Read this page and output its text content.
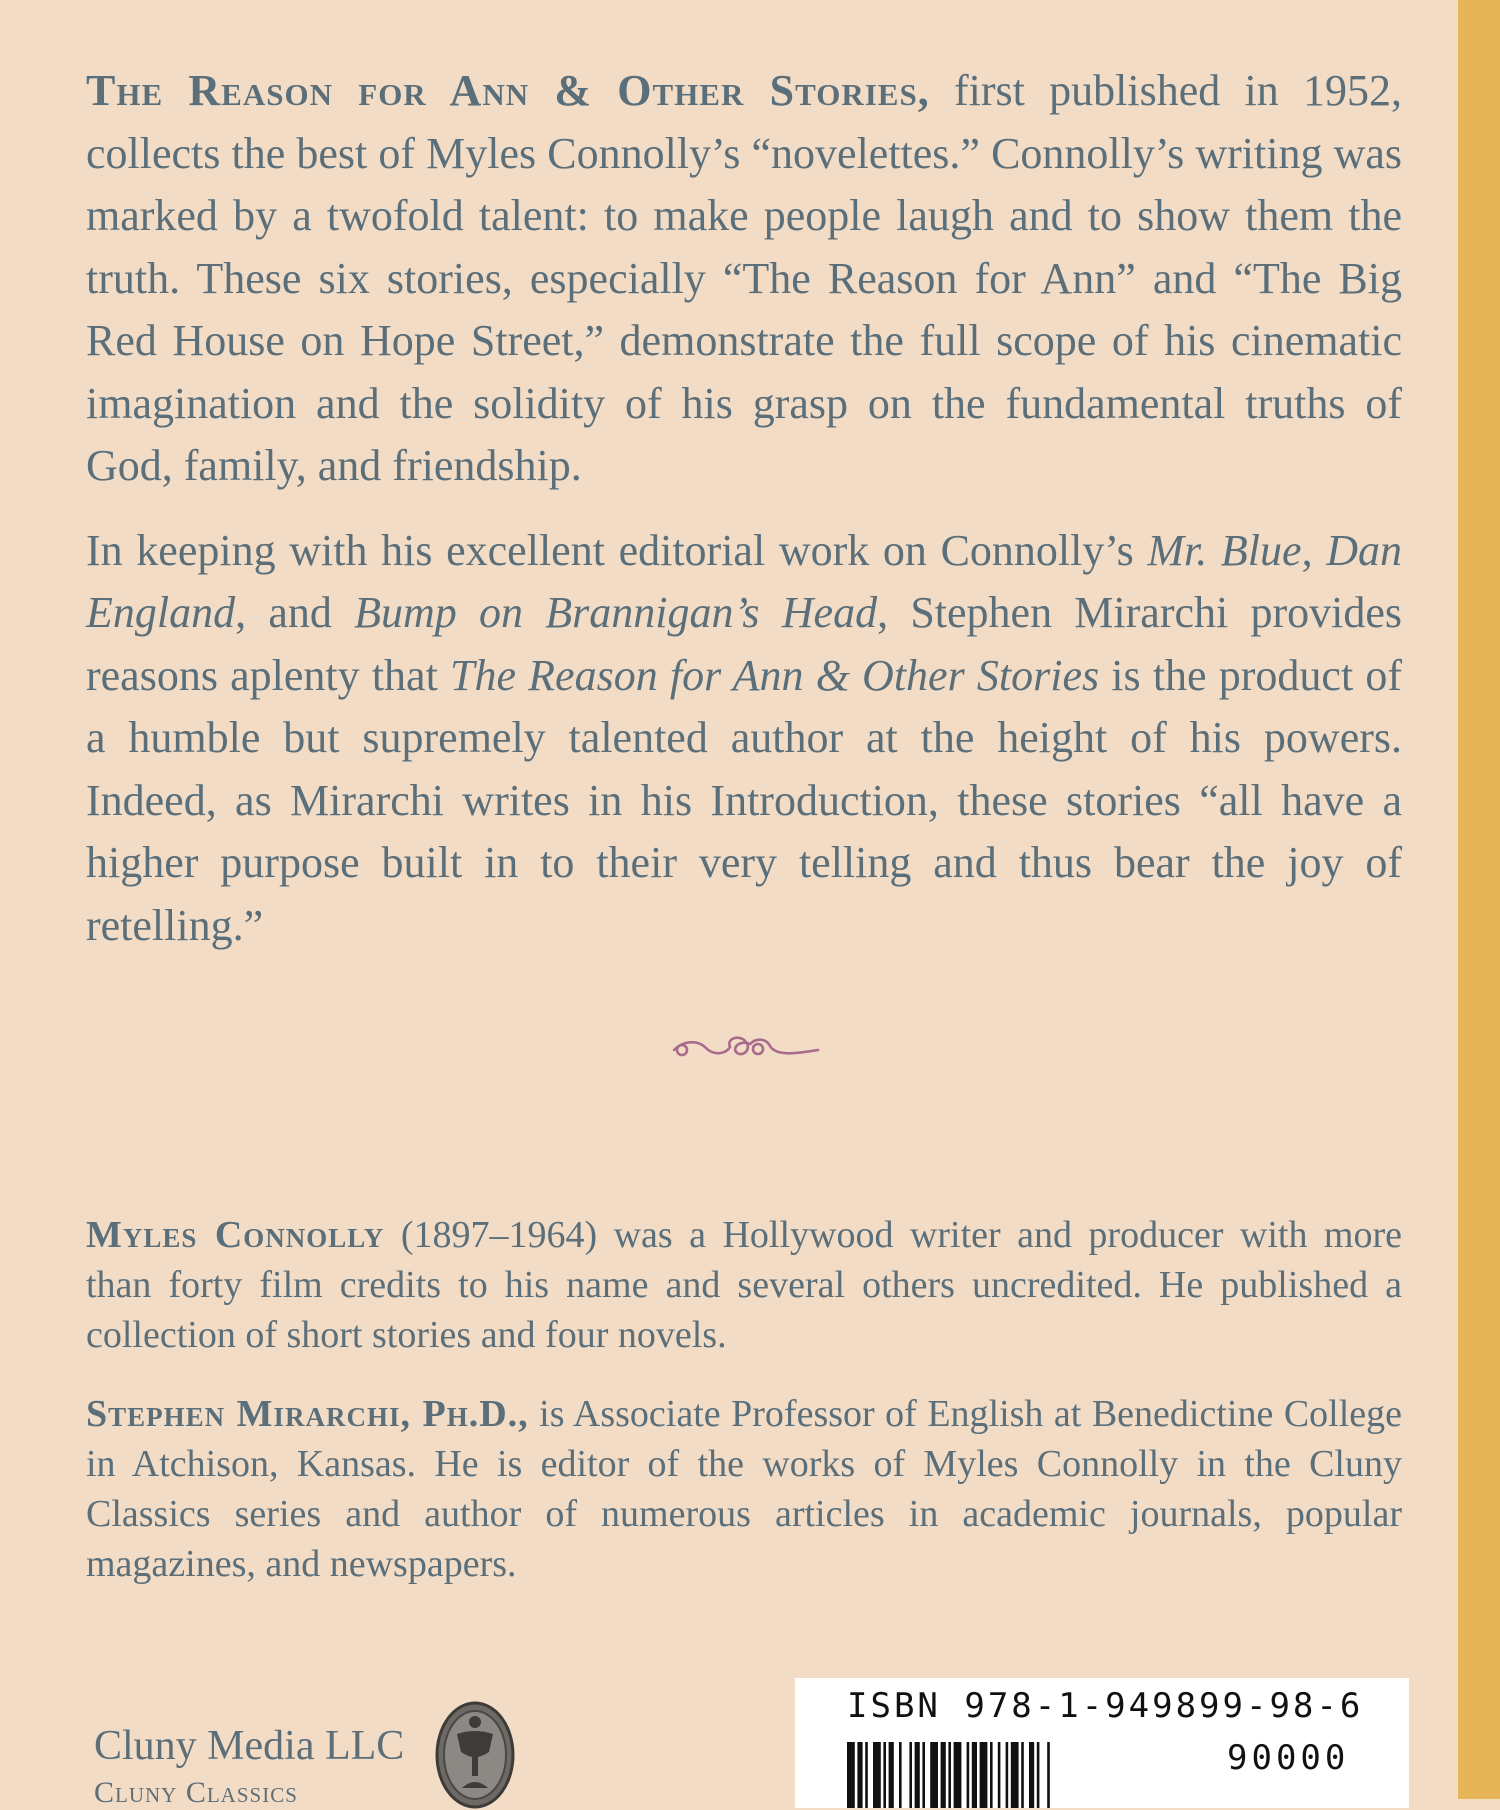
The Reason for Ann & Other Stories, first published in 1952, collects the best of Myles Connolly’s “novelettes.” Connolly’s writing was marked by a twofold talent: to make people laugh and to show them the truth. These six stories, especially “The Reason for Ann” and “The Big Red House on Hope Street,” demonstrate the full scope of his cinematic imagination and the solidity of his grasp on the fundamental truths of God, family, and friendship.

In keeping with his excellent editorial work on Connolly’s Mr. Blue, Dan England, and Bump on Brannigan’s Head, Stephen Mirarchi provides reasons aplenty that The Reason for Ann & Other Stories is the product of a humble but supremely talented author at the height of his powers. Indeed, as Mirarchi writes in his Introduction, these stories “all have a higher purpose built in to their very telling and thus bear the joy of retelling.”

Myles Connolly (1897–1964) was a Hollywood writer and producer with more than forty film credits to his name and several others uncredited. He published a collection of short stories and four novels.

Stephen Mirarchi, Ph.D., is Associate Professor of English at Benedictine College in Atchison, Kansas. He is editor of the works of Myles Connolly in the Cluny Classics series and author of numerous articles in academic journals, popular magazines, and newspapers.

Cluny Media LLC
Cluny Classics
ISBN 978-1-949899-98-6
90000
